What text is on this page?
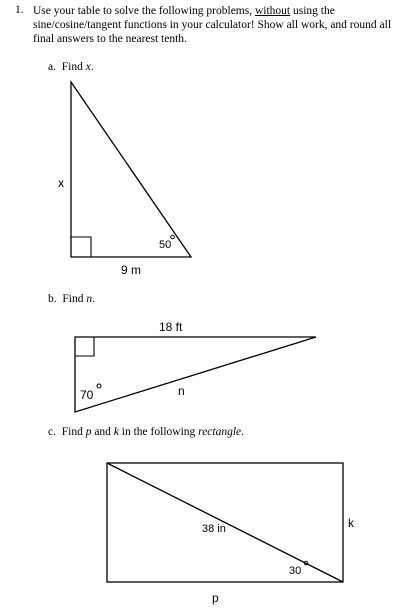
1. Use your table to solve the following problems, without using the sine/cosine/tangent functions in your calculator! Show all work, and round all final answers to the nearest tenth.
a. Find x.
x
50
9 m
18 ft
70	n
38 in
30
k
p
b. Find n.
c. Find p and k in the following rectangle.
